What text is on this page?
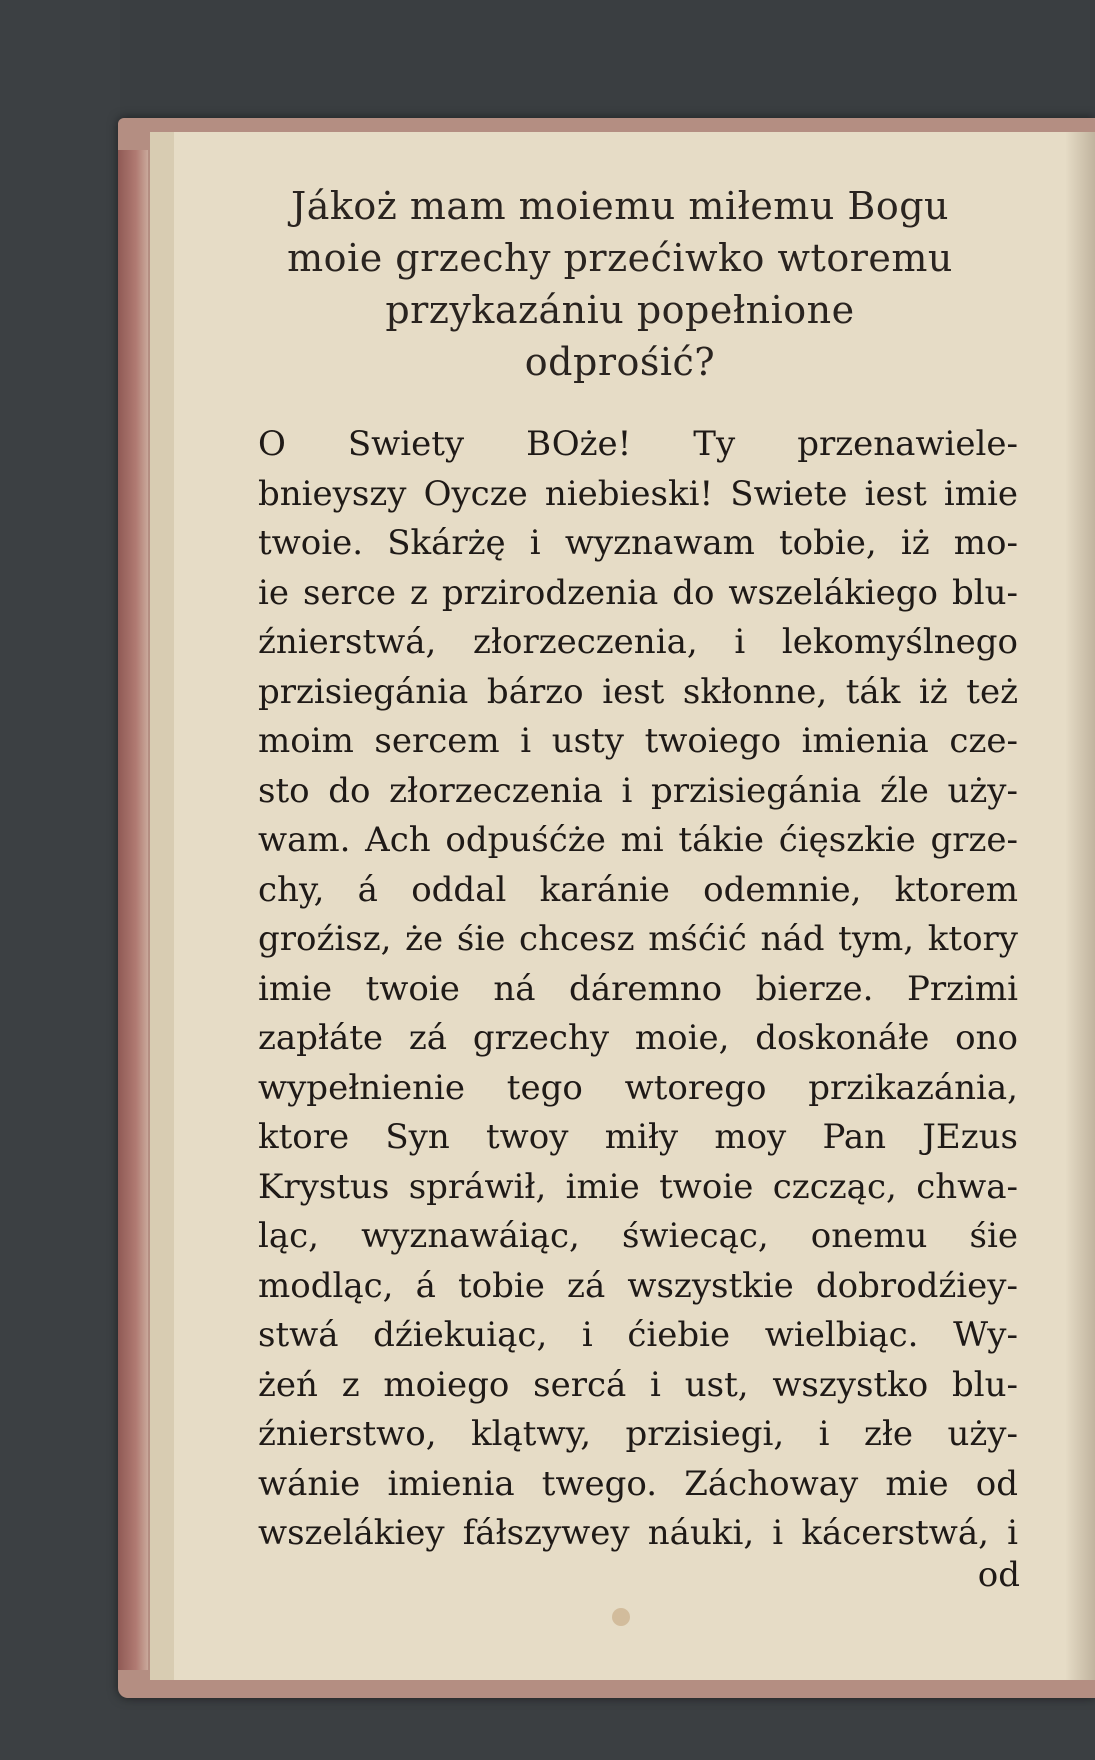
Jákoż mam moiemu miłemu Bogu
moie grzechy przećiwko wtoremu
przykazániu popełnione
odprośić?
O Swiety BOże! Ty przenawiele-
bnieyszy Oycze niebieski! Swiete iest imie
twoie. Skárżę i wyznawam tobie, iż mo-
ie serce z przirodzenia do wszelákiego blu-
źnierstwá, złorzeczenia, i lekomyślnego
przisiegánia bárzo iest skłonne, ták iż też
moim sercem i usty twoiego imienia cze-
sto do złorzeczenia i przisiegánia źle uży-
wam. Ach odpuśćże mi tákie ćięszkie grze-
chy, á oddal karánie odemnie, ktorem
groźisz, że śie chcesz mśćić nád tym, ktory
imie twoie ná dáremno bierze. Przimi
zapłáte zá grzechy moie, doskonáłe ono
wypełnienie tego wtorego przikazánia,
ktore Syn twoy miły moy Pan JEzus
Krystus spráwił, imie twoie czcząc, chwa-
ląc, wyznawáiąc, świecąc, onemu śie
modląc, á tobie zá wszystkie dobrodźiey-
stwá dźiekuiąc, i ćiebie wielbiąc. Wy-
żeń z moiego sercá i ust, wszystko blu-
źnierstwo, klątwy, przisiegi, i złe uży-
wánie imienia twego. Záchoway mie od
wszelákiey fáłszywey náuki, i kácerstwá, i
od
